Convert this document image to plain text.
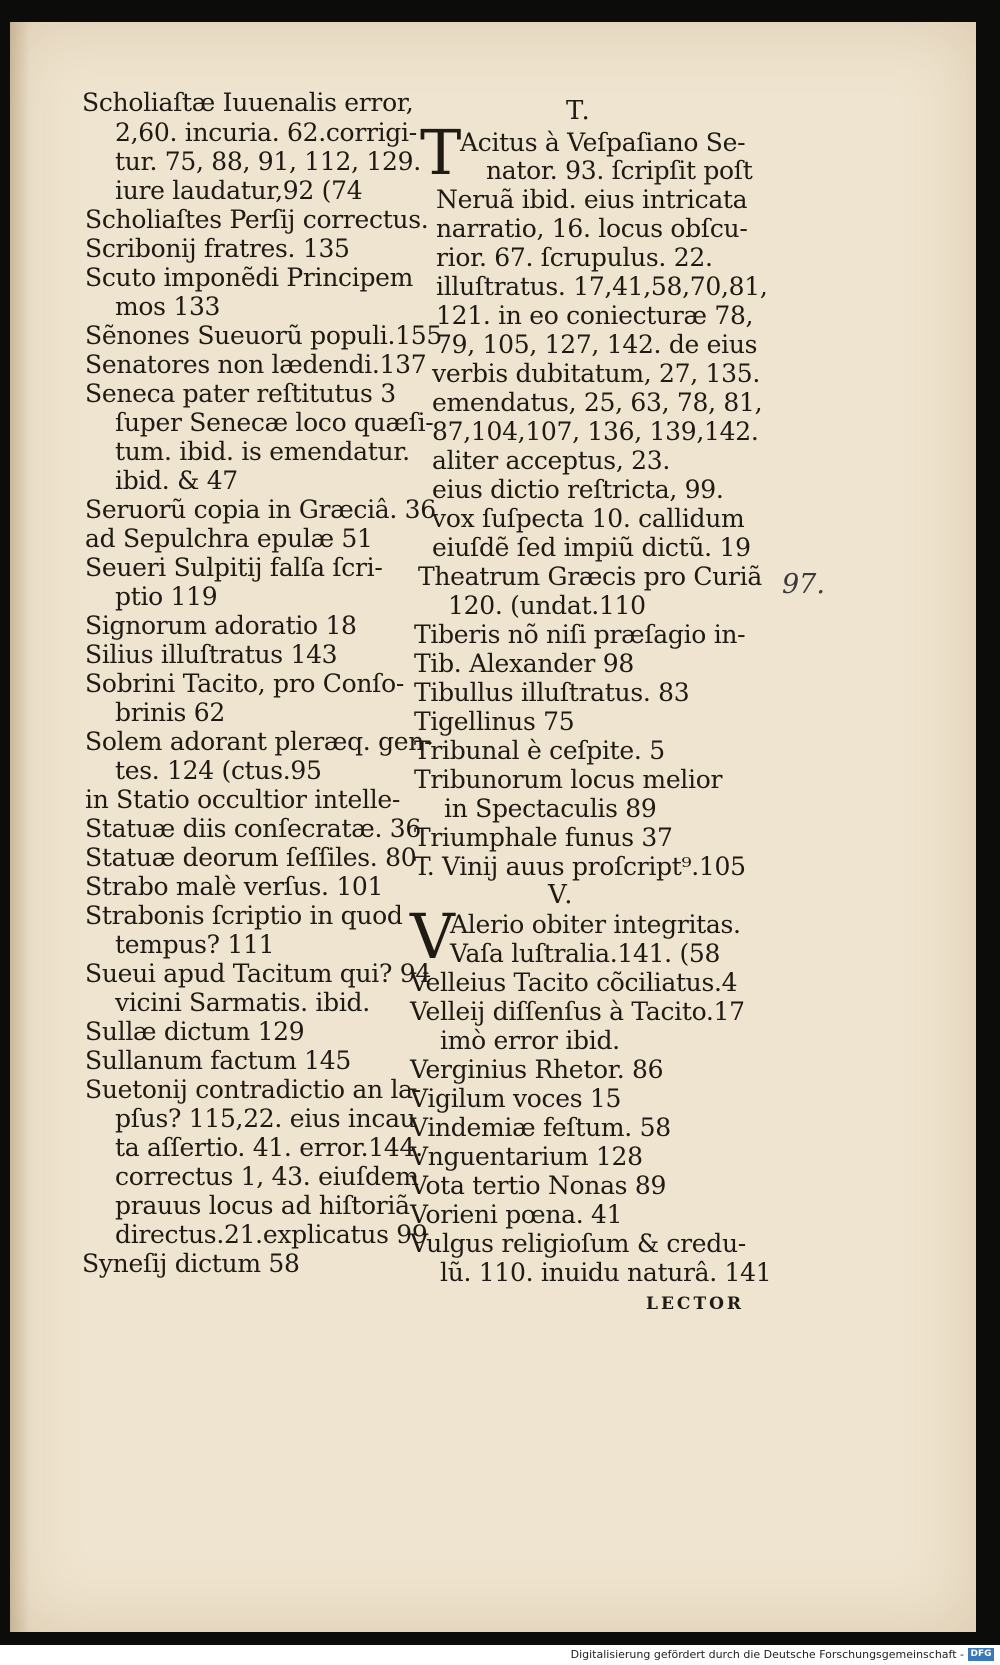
Scholiaſtæ Iuuenalis error,
2,60. incuria. 62.corrigi-
tur. 75, 88, 91, 112, 129.
iure laudatur,92 (74
Scholiaſtes Perſij correctus.
Scribonij fratres. 135
Scuto imponẽdi Principem
mos 133
Sẽnones Sueuorũ populi.155
Senatores non lædendi.137
Seneca pater reſtitutus 3
ſuper Senecæ loco quæſi-
tum. ibid. is emendatur.
ibid. & 47
Seruorũ copia in Græciâ. 36
ad Sepulchra epulæ 51
Seueri Sulpitij falſa ſcri-
ptio 119
Signorum adoratio 18
Silius illuſtratus 143
Sobrini Tacito, pro Conſo-
brinis 62
Solem adorant pleræq. gen-
tes. 124 (ctus.95
in Statio occultior intelle-
Statuæ diis conſecratæ. 36
Statuæ deorum ſeſſiles. 80
Strabo malè verſus. 101
Strabonis ſcriptio in quod
tempus? 111
Sueui apud Tacitum qui? 94
vicini Sarmatis. ibid.
Sullæ dictum 129
Sullanum factum 145
Suetonij contradictio an la-
pſus? 115,22. eius incau
ta aſſertio. 41. error.144.
correctus 1, 43. eiuſdem
prauus locus ad hiſtoriã
directus.21.explicatus 99
Syneſij dictum 58
T.
T
Acitus à Veſpaſiano Se-
nator. 93. ſcripſit poſt
Neruã ibid. eius intricata
narratio, 16. locus obſcu-
rior. 67. ſcrupulus. 22.
illuſtratus. 17,41,58,70,81,
121. in eo coniecturæ 78,
79, 105, 127, 142. de eius
verbis dubitatum, 27, 135.
emendatus, 25, 63, 78, 81,
87,104,107, 136, 139,142.
aliter acceptus, 23.
eius dictio reſtricta, 99.
vox ſuſpecta 10. callidum
eiuſdẽ ſed impiũ dictũ. 19
Theatrum Græcis pro Curiã
120. (undat.110
Tiberis nõ niſi præſagio in-
Tib. Alexander 98
Tibullus illuſtratus. 83
Tigellinus 75
Tribunal è ceſpite. 5
Tribunorum locus melior
in Spectaculis 89
Triumphale funus 37
T. Vinij auus proſcript⁹.105
V.
V
Alerio obiter integritas.
Vaſa luſtralia.141. (58
Velleius Tacito cõciliatus.4
Velleij diſſenſus à Tacito.17
imò error ibid.
Verginius Rhetor. 86
Vigilum voces 15
Vindemiæ feſtum. 58
Vnguentarium 128
Vota tertio Nonas 89
Vorieni pœna. 41
Vulgus religioſum & credu-
lũ. 110. inuidu naturâ. 141
LECTOR
97.
Digitalisierung gefördert durch die Deutsche Forschungsgemeinschaft - DFG
